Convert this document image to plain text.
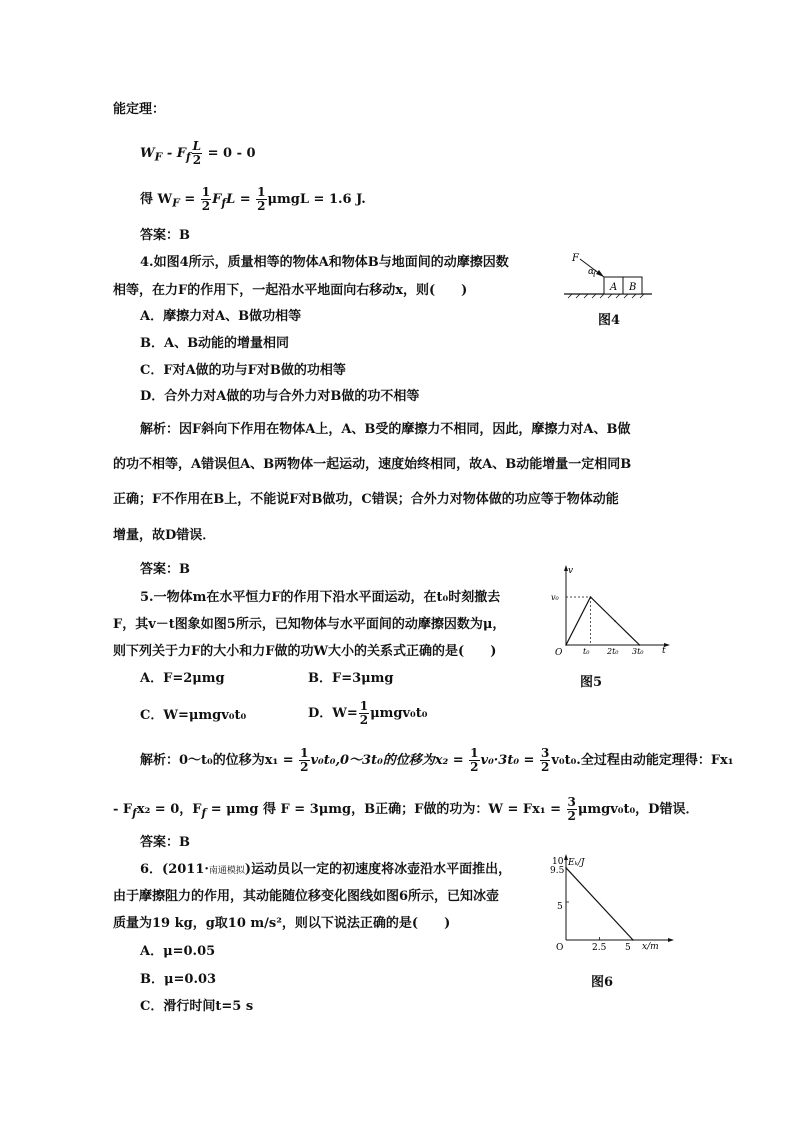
能定理：
$W_F - F_f \frac{L}{2} = 0 - 0$
得 $W_F = \frac{1}{2} F_fL = \frac{1}{2}$ μmgL = 1.6 J.
答案：B
4.如图4所示，质量相等的物体A和物体B与地面间的动摩擦因数
相等，在力F的作用下，一起沿水平地面向右移动x，则(　　)
A．摩擦力对A、B做功相等
B．A、B动能的增量相同
C．F对A做的功与F对B做的功相等
D．合外力对A做的功与合外力对B做的功不相等
A B
F
α
图4
解析：因F斜向下作用在物体A上，A、B受的摩擦力不相同，因此，摩擦力对A、B做
的功不相等，A错误但A、B两物体一起运动，速度始终相同，故A、B动能增量一定相同B
正确；F不作用在B上，不能说F对B做功，C错误；合外力对物体做的功应等于物体动能
增量，故D错误．
答案：B
5.一物体m在水平恒力F的作用下沿水平面运动，在t₀时刻撤去
F，其v－t图象如图5所示，已知物体与水平面间的动摩擦因数为μ，
则下列关于力F的大小和力F做的功W大小的关系式正确的是(　　)
A．F=2μmg	B．F=3μmg
C．W=μmgv₀t₀	D．$W= \frac{1}{2} \mu mgv_0t_0$
v
t
O
v₀
t₀ 2t₀ 3t₀
图5
解析：0～t₀的位移为$x_1 = \frac{1}{2}$ v₀t₀,0～3t₀的位移为$x_2 = \frac{1}{2} v_0\cdot 3t_0 = \frac{3}{2} v_0t_0$.全过程由动能定理得：Fx₁
- $F_fx_2 = 0$，$F_f = \mu mg$ 得 F = 3μmg，B正确；F做的功为：$W = Fx_1 = \frac{3}{2} \mu mgv_0t_0$，D错误．
答案：B
6．(2011·南通模拟)运动员以一定的初速度将冰壶沿水平面推出，
由于摩擦阻力的作用，其动能随位移变化图线如图6所示，已知冰壶
质量为19 kg，g取10 m/s²，则以下说法正确的是(　　)
A．μ=0.05
B．μ=0.03
C．滑行时间t=5 s
Eₖ/J
x/m
O	2.5 5
5
9.5
10
图6
